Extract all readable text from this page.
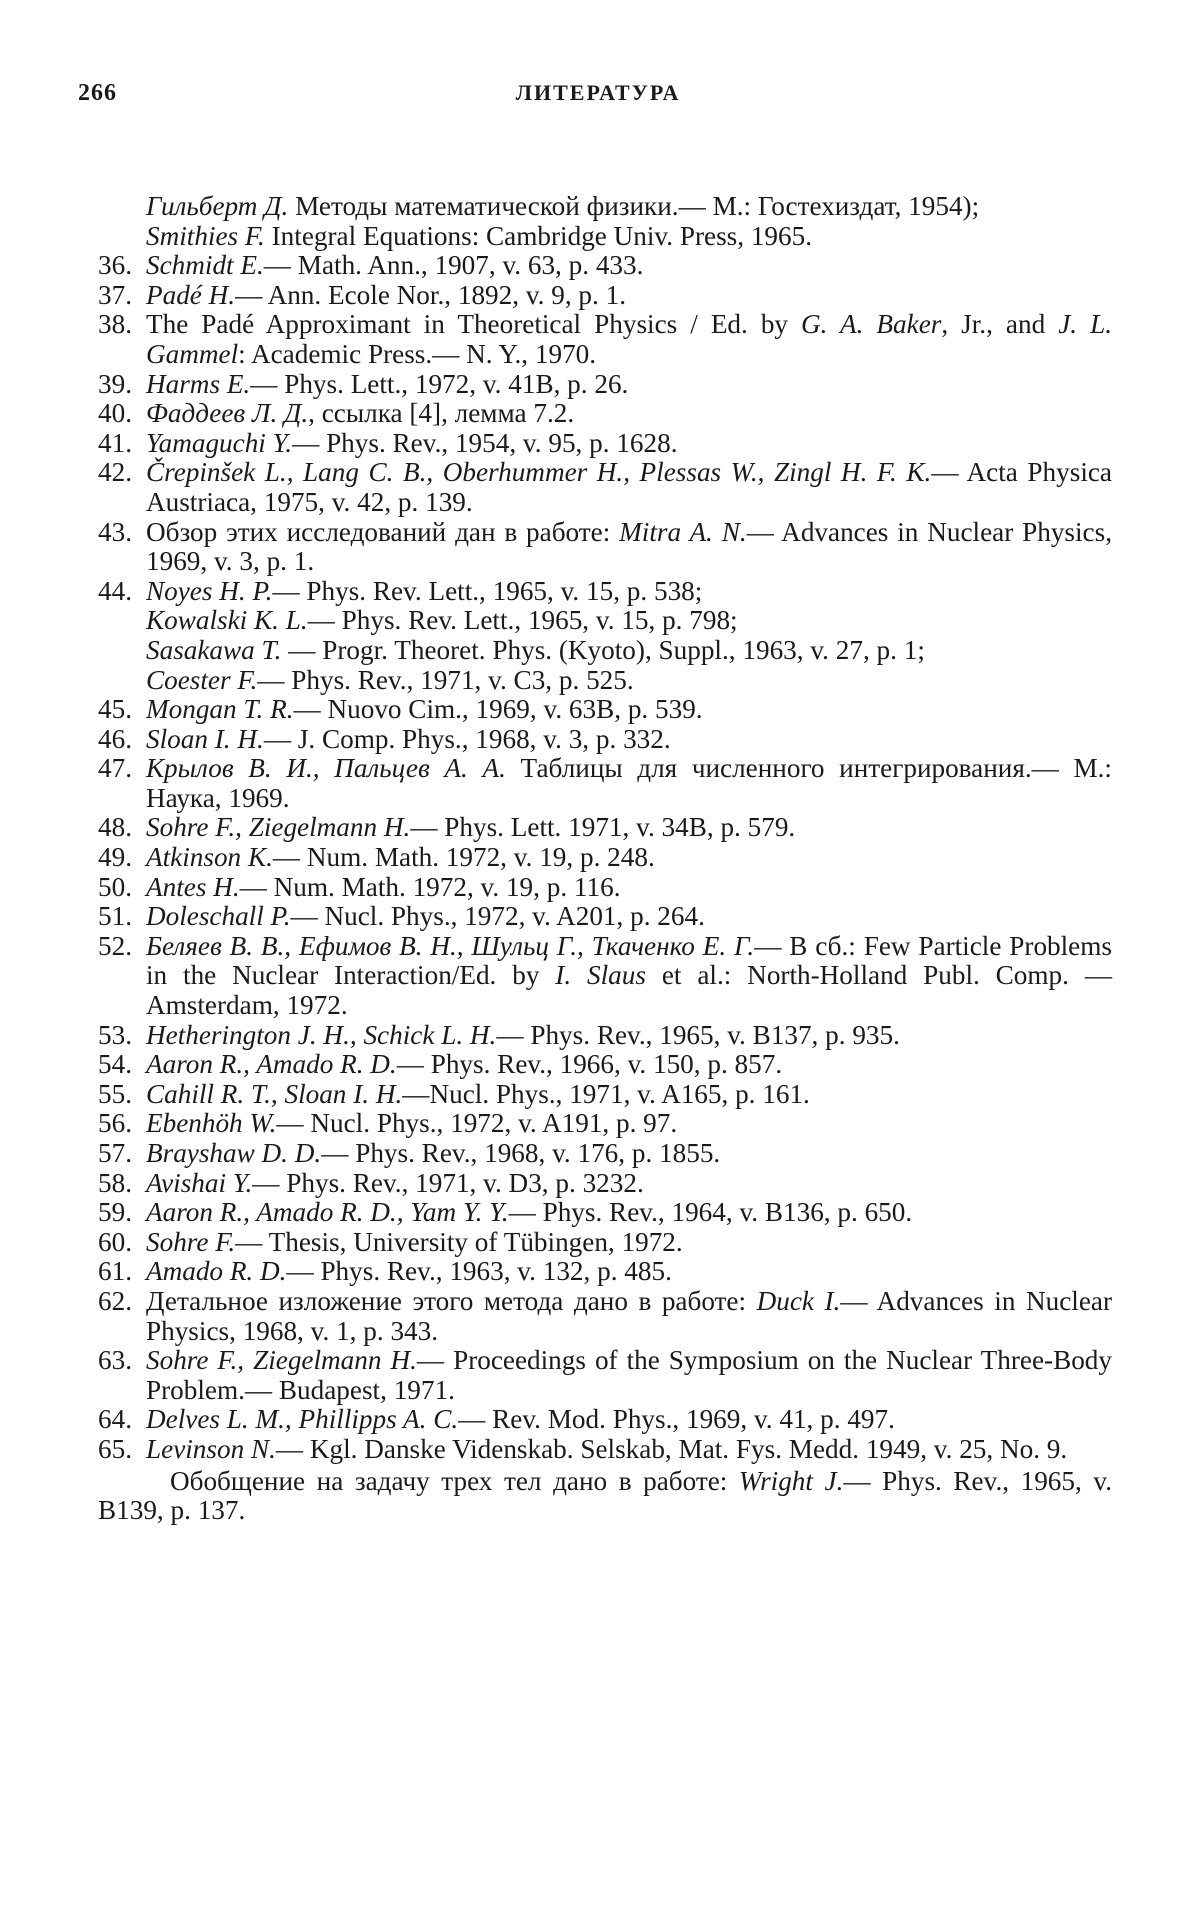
266	ЛИТЕРАТУРА
Гильберт Д. Методы математической физики.— М.: Гостехиздат, 1954);
Smithies F. Integral Equations: Cambridge Univ. Press, 1965.
36. Schmidt E.— Math. Ann., 1907, v. 63, p. 433.
37. Padé H.— Ann. Ecole Nor., 1892, v. 9, p. 1.
38. The Padé Approximant in Theoretical Physics / Ed. by G. A. Baker, Jr., and J. L. Gammel: Academic Press.— N. Y., 1970.
39. Harms E.— Phys. Lett., 1972, v. 41B, p. 26.
40. Фаддеев Л. Д., ссылка [4], лемма 7.2.
41. Yamaguchi Y.— Phys. Rev., 1954, v. 95, p. 1628.
42. Črepinšek L., Lang C. B., Oberhummer H., Plessas W., Zingl H. F. K.— Acta Physica Austriaca, 1975, v. 42, p. 139.
43. Обзор этих исследований дан в работе: Mitra A. N.— Advances in Nuclear Physics, 1969, v. 3, p. 1.
44. Noyes H. P.— Phys. Rev. Lett., 1965, v. 15, p. 538;
Kowalski K. L.— Phys. Rev. Lett., 1965, v. 15, p. 798;
Sasakawa T. — Progr. Theoret. Phys. (Kyoto), Suppl., 1963, v. 27, p. 1;
Coester F.— Phys. Rev., 1971, v. C3, p. 525.
45. Mongan T. R.— Nuovo Cim., 1969, v. 63B, p. 539.
46. Sloan I. H.— J. Comp. Phys., 1968, v. 3, p. 332.
47. Крылов В. И., Пальцев А. А. Таблицы для численного интегрирования.— М.: Наука, 1969.
48. Sohre F., Ziegelmann H.— Phys. Lett. 1971, v. 34B, p. 579.
49. Atkinson K.— Num. Math. 1972, v. 19, p. 248.
50. Antes H.— Num. Math. 1972, v. 19, p. 116.
51. Doleschall P.— Nucl. Phys., 1972, v. A201, p. 264.
52. Беляев В. В., Ефимов В. Н., Шульц Г., Ткаченко Е. Г.— В сб.: Few Particle Problems in the Nuclear Interaction/Ed. by I. Slaus et al.: North-Holland Publ. Comp. — Amsterdam, 1972.
53. Hetherington J. H., Schick L. H.— Phys. Rev., 1965, v. B137, p. 935.
54. Aaron R., Amado R. D.— Phys. Rev., 1966, v. 150, p. 857.
55. Cahill R. T., Sloan I. H.—Nucl. Phys., 1971, v. A165, p. 161.
56. Ebenhöh W.— Nucl. Phys., 1972, v. A191, p. 97.
57. Brayshaw D. D.— Phys. Rev., 1968, v. 176, p. 1855.
58. Avishai Y.— Phys. Rev., 1971, v. D3, p. 3232.
59. Aaron R., Amado R. D., Yam Y. Y.— Phys. Rev., 1964, v. B136, p. 650.
60. Sohre F.— Thesis, University of Tübingen, 1972.
61. Amado R. D.— Phys. Rev., 1963, v. 132, p. 485.
62. Детальное изложение этого метода дано в работе: Duck I.— Advances in Nuclear Physics, 1968, v. 1, p. 343.
63. Sohre F., Ziegelmann H.— Proceedings of the Symposium on the Nuclear Three-Body Problem.— Budapest, 1971.
64. Delves L. M., Phillipps A. C.— Rev. Mod. Phys., 1969, v. 41, p. 497.
65. Levinson N.— Kgl. Danske Videnskab. Selskab, Mat. Fys. Medd. 1949, v. 25, No. 9.
Обобщение на задачу трех тел дано в работе: Wright J.— Phys. Rev., 1965, v. B139, p. 137.
